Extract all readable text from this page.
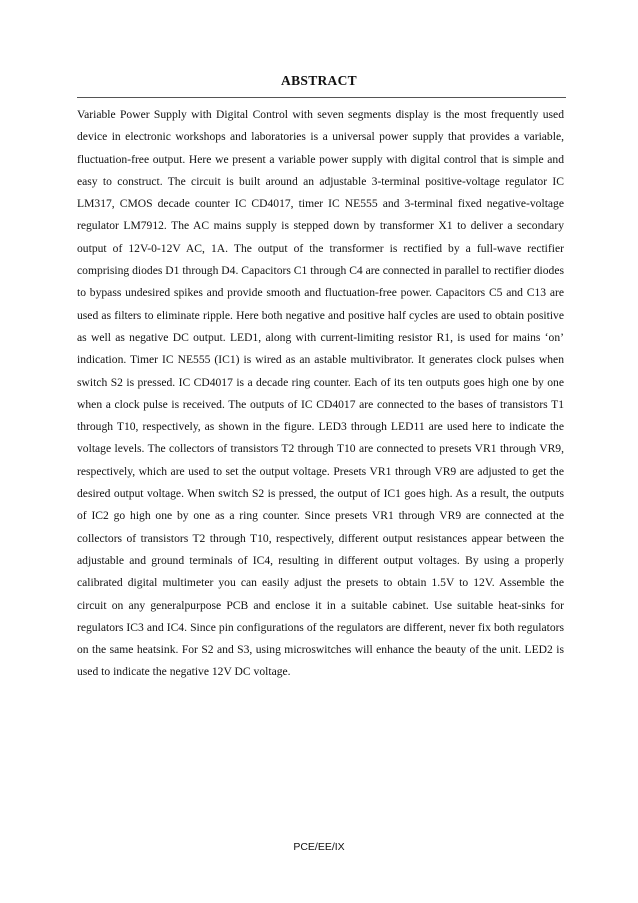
ABSTRACT

Variable Power Supply with Digital Control with seven segments display is the most frequently used device in electronic workshops and laboratories is a universal power supply that provides a variable, fluctuation-free output. Here we present a variable power supply with digital control that is simple and easy to construct. The circuit is built around an adjustable 3-terminal positive-voltage regulator IC LM317, CMOS decade counter IC CD4017, timer IC NE555 and 3-terminal fixed negative-voltage regulator LM7912. The AC mains supply is stepped down by transformer X1 to deliver a secondary output of 12V-0-12V AC, 1A. The output of the transformer is rectified by a full-wave rectifier comprising diodes D1 through D4. Capacitors C1 through C4 are connected in parallel to rectifier diodes to bypass undesired spikes and provide smooth and fluctuation-free power. Capacitors C5 and C13 are used as filters to eliminate ripple. Here both negative and positive half cycles are used to obtain positive as well as negative DC output. LED1, along with current-limiting resistor R1, is used for mains ‘on’ indication. Timer IC NE555 (IC1) is wired as an astable multivibrator. It generates clock pulses when switch S2 is pressed. IC CD4017 is a decade ring counter. Each of its ten outputs goes high one by one when a clock pulse is received. The outputs of IC CD4017 are connected to the bases of transistors T1 through T10, respectively, as shown in the figure. LED3 through LED11 are used here to indicate the voltage levels. The collectors of transistors T2 through T10 are connected to presets VR1 through VR9, respectively, which are used to set the output voltage. Presets VR1 through VR9 are adjusted to get the desired output voltage. When switch S2 is pressed, the output of IC1 goes high. As a result, the outputs of IC2 go high one by one as a ring counter. Since presets VR1 through VR9 are connected at the collectors of transistors T2 through T10, respectively, different output resistances appear between the adjustable and ground terminals of IC4, resulting in different output voltages. By using a properly calibrated digital multimeter you can easily adjust the presets to obtain 1.5V to 12V. Assemble the circuit on any generalpurpose PCB and enclose it in a suitable cabinet. Use suitable heat-sinks for regulators IC3 and IC4. Since pin configurations of the regulators are different, never fix both regulators on the same heatsink. For S2 and S3, using microswitches will enhance the beauty of the unit. LED2 is used to indicate the negative 12V DC voltage.

PCE/EE/IX
